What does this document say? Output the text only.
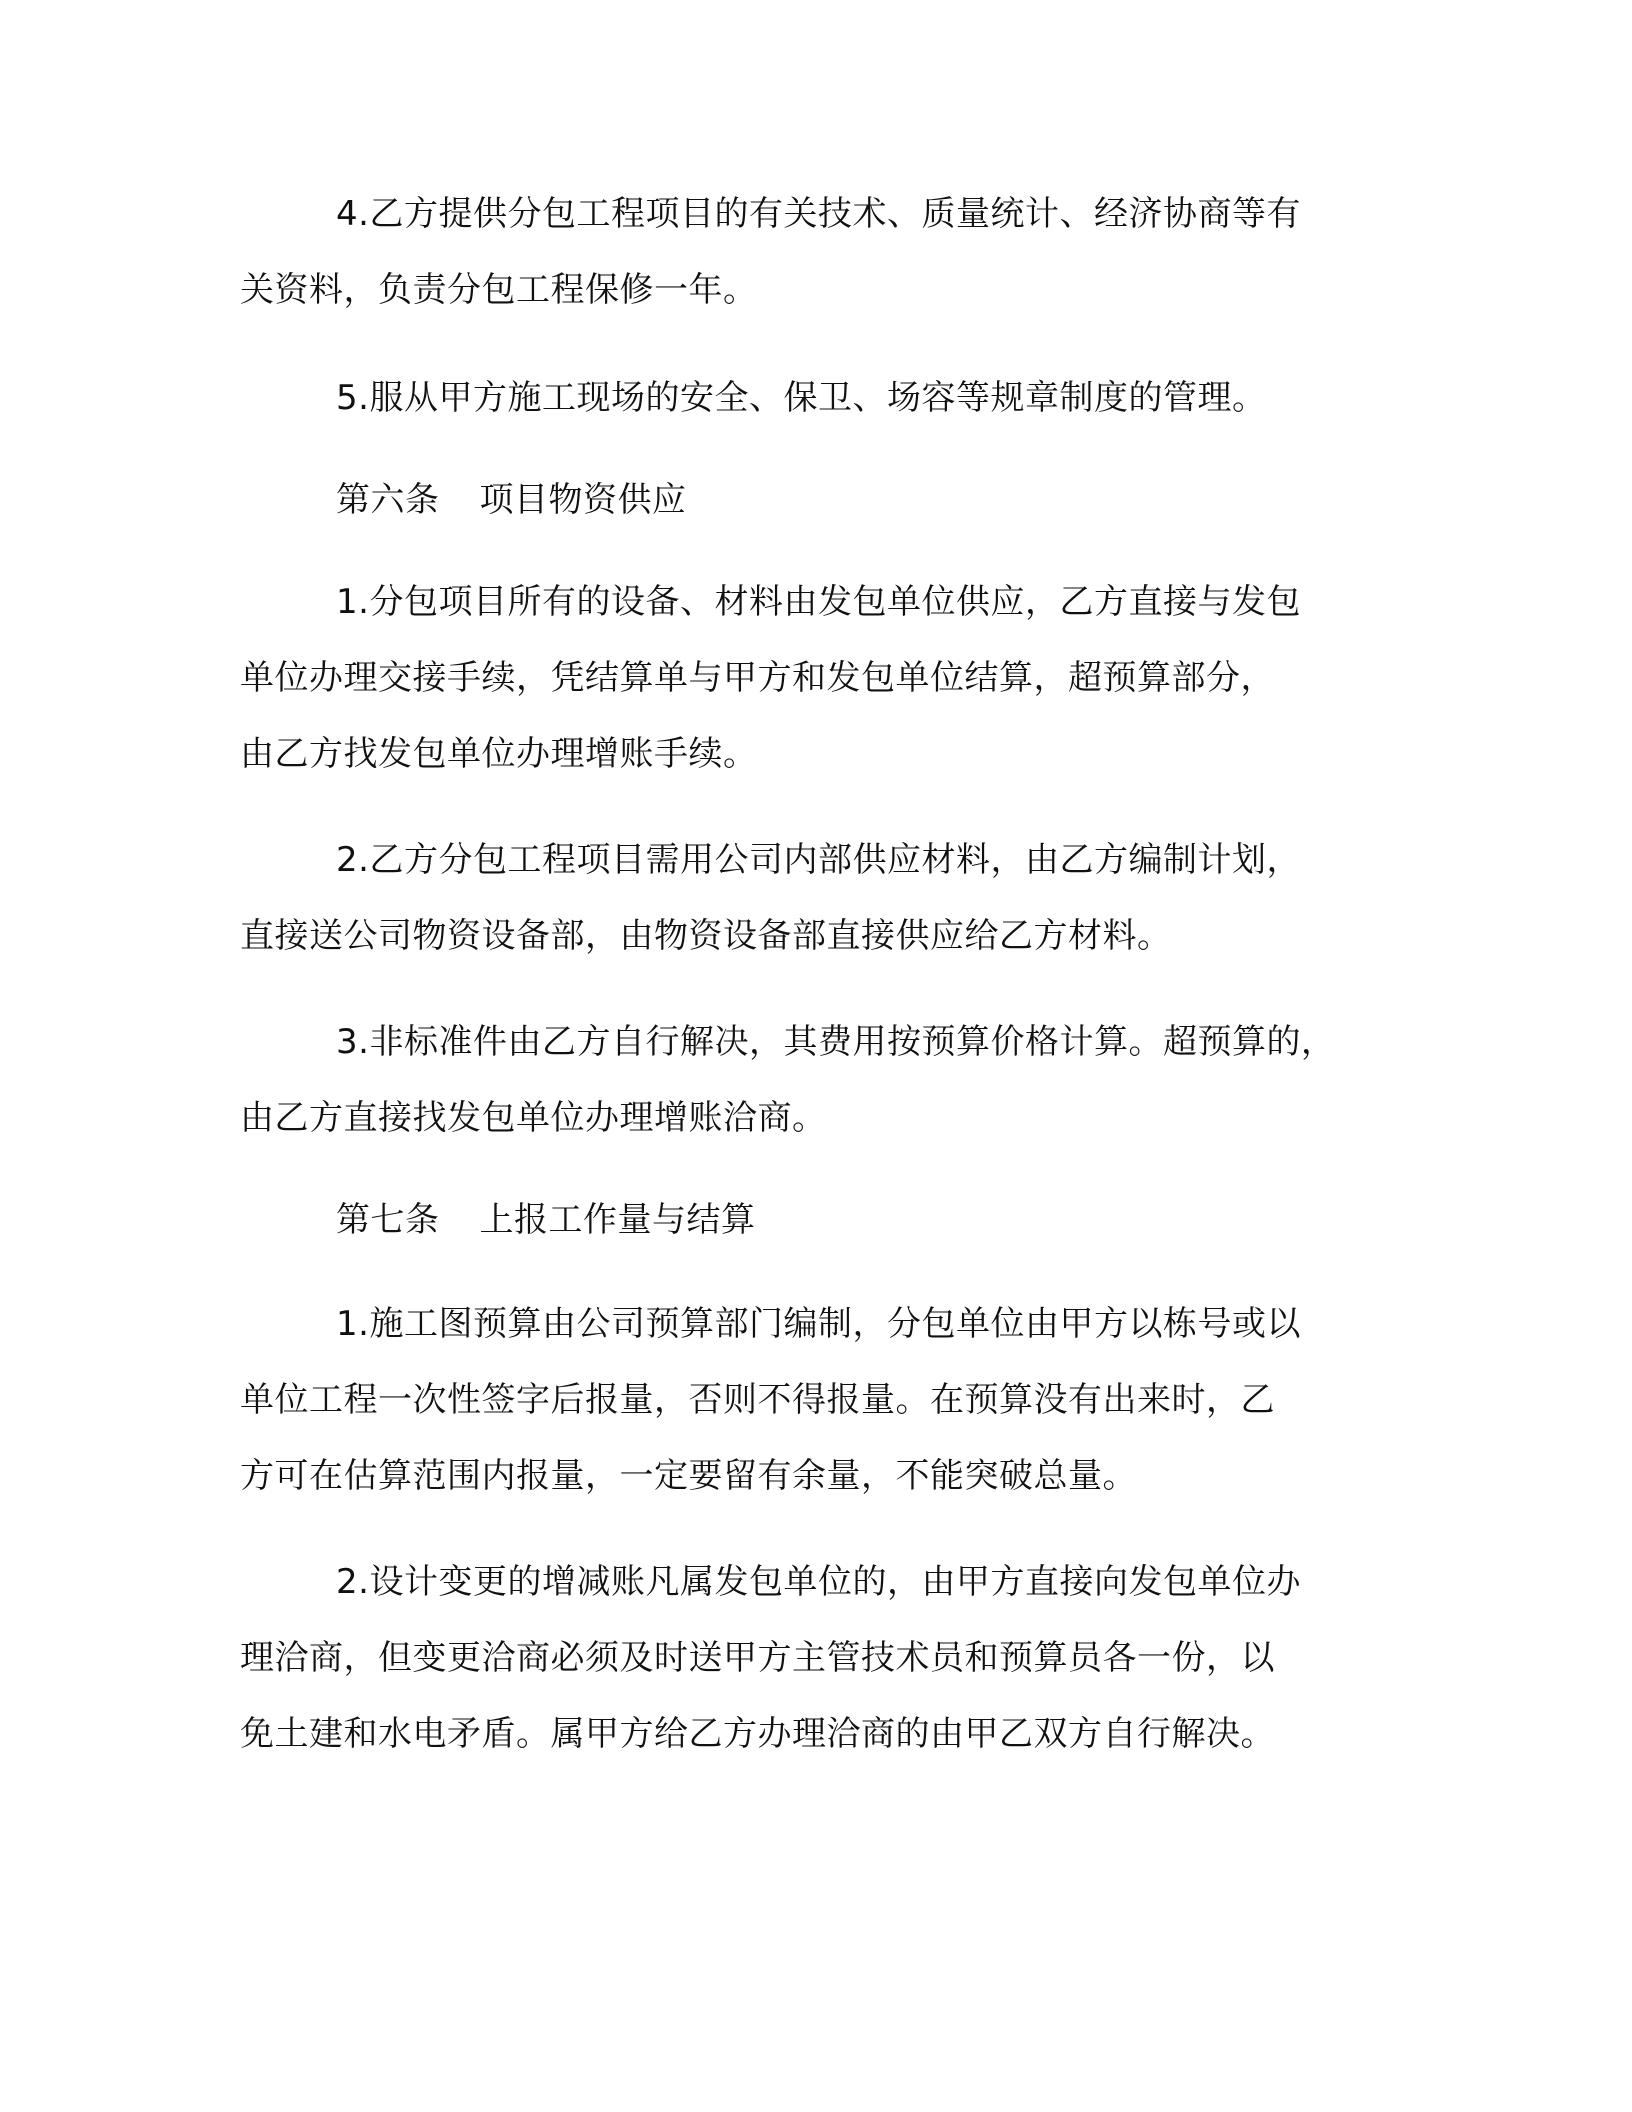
4.乙方提供分包工程项目的有关技术、质量统计、经济协商等有
关资料，负责分包工程保修一年。
5.服从甲方施工现场的安全、保卫、场容等规章制度的管理。
第六条 项目物资供应
1.分包项目所有的设备、材料由发包单位供应，乙方直接与发包
单位办理交接手续，凭结算单与甲方和发包单位结算，超预算部分，
由乙方找发包单位办理增账手续。
2.乙方分包工程项目需用公司内部供应材料，由乙方编制计划，
直接送公司物资设备部，由物资设备部直接供应给乙方材料。
3.非标准件由乙方自行解决，其费用按预算价格计算。超预算的，
由乙方直接找发包单位办理增账洽商。
第七条 上报工作量与结算
1.施工图预算由公司预算部门编制，分包单位由甲方以栋号或以
单位工程一次性签字后报量，否则不得报量。在预算没有出来时，乙
方可在估算范围内报量，一定要留有余量，不能突破总量。
2.设计变更的增减账凡属发包单位的，由甲方直接向发包单位办
理洽商，但变更洽商必须及时送甲方主管技术员和预算员各一份，以
免土建和水电矛盾。属甲方给乙方办理洽商的由甲乙双方自行解决。
